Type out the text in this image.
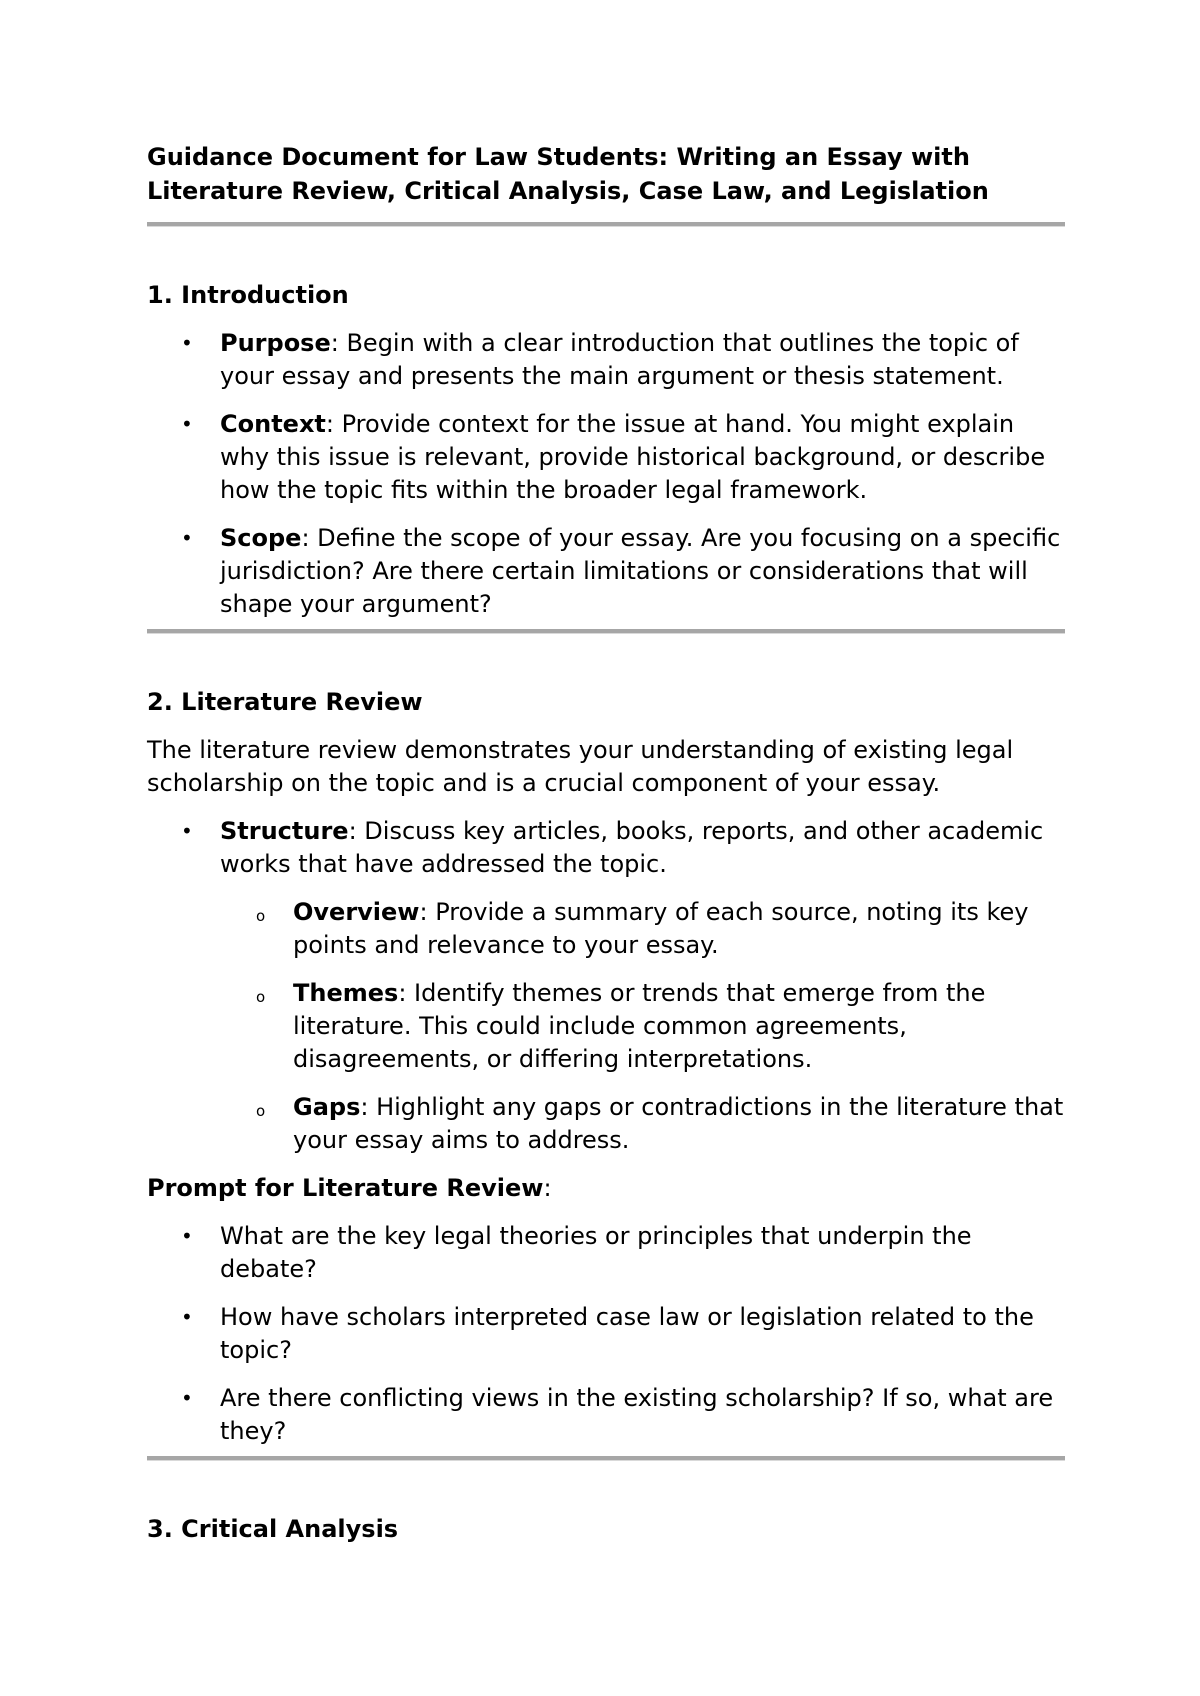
Guidance Document for Law Students: Writing an Essay with
Literature Review, Critical Analysis, Case Law, and Legislation
1. Introduction
• Purpose: Begin with a clear introduction that outlines the topic of your essay and presents the main argument or thesis statement.
• Context: Provide context for the issue at hand. You might explain why this issue is relevant, provide historical background, or describe how the topic fits within the broader legal framework.
• Scope: Define the scope of your essay. Are you focusing on a specific jurisdiction? Are there certain limitations or considerations that will shape your argument?
2. Literature Review
The literature review demonstrates your understanding of existing legal scholarship on the topic and is a crucial component of your essay.
• Structure: Discuss key articles, books, reports, and other academic works that have addressed the topic.
o Overview: Provide a summary of each source, noting its key points and relevance to your essay.
o Themes: Identify themes or trends that emerge from the literature. This could include common agreements, disagreements, or differing interpretations.
o Gaps: Highlight any gaps or contradictions in the literature that your essay aims to address.
Prompt for Literature Review:
• What are the key legal theories or principles that underpin the debate?
• How have scholars interpreted case law or legislation related to the topic?
• Are there conflicting views in the existing scholarship? If so, what are they?
3. Critical Analysis
